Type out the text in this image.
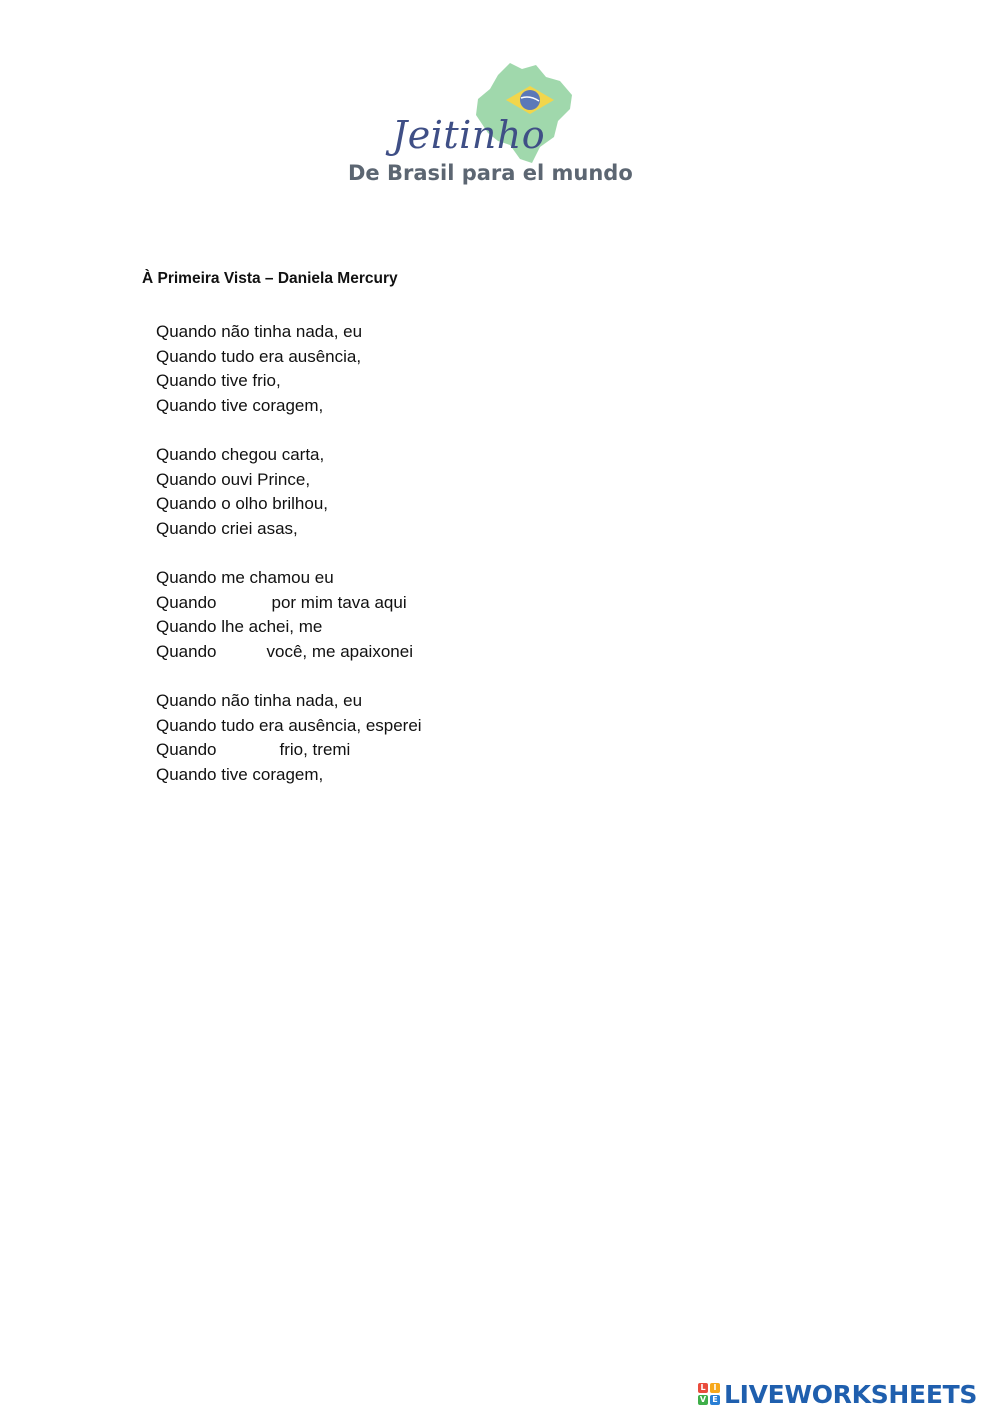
Jeitinho
De Brasil para el mundo
À Primeira Vista – Daniela Mercury
Quando não tinha nada, eu
Quando tudo era ausência,
Quando tive frio,
Quando tive coragem,
Quando chegou carta,
Quando ouvi Prince,
Quando o olho brilhou,
Quando criei asas,
Quando me chamou eu
Quando	por mim tava aqui
Quando lhe achei, me
Quando	você, me apaixonei
Quando não tinha nada, eu
Quando tudo era ausência, esperei
Quando	frio, tremi
Quando tive coragem,
L I
V E LIVEWORKSHEETS
